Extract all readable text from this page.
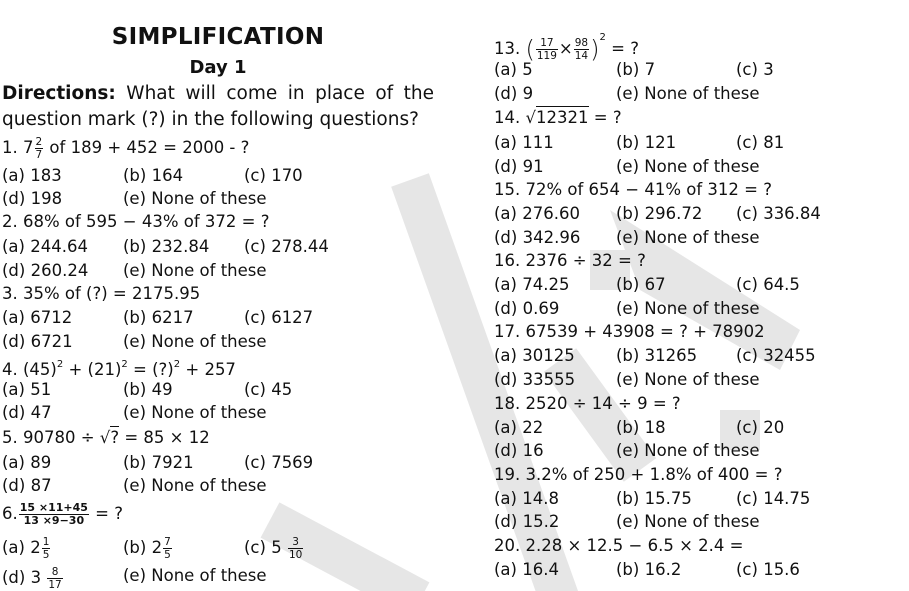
SIMPLIFICATION
Day 1
Directions: What will come in place of the question mark (?) in the following questions?
1. $7 \frac{2}{7}$ of 189 + 452 = 2000 - ?
(a) 183	(b) 164	(c) 170
(d) 198	(e) None of these
2. 68% of 595 − 43% of 372 = ?
(a) 244.64 (b) 232.84 (c) 278.44
(d) 260.24 (e) None of these
3. 35% of (?) = 2175.95
(a) 6712	(b) 6217	(c) 6127
(d) 6721	(e) None of these
4. $(45)^2 + (21)^2$ = (?)$^2$ + 257
(a) 51	(b) 49	(c) 45
(d) 47	(e) None of these
5. 90780 ÷ √? = 85 × 12
(a) 89	(b) 7921	(c) 7569
(d) 87	(e) None of these
6. $\frac{15 \times 11+45}{13 \times 9-30}$ = ?
(a) $2 \frac{1}{5}$	(b) $2 \frac{7}{5}$	(c) $5 \frac{3}{10}$
(d) $3 \frac{8}{17}$	(e) None of these
13. ( $\frac{17}{119} \times \frac{98}{14} )^2$ = ?
(a) 5	(b) 7	(c) 3
(d) 9	(e) None of these
14. √12321 = ?
(a) 111	(b) 121	(c) 81
(d) 91	(e) None of these
15. 72% of 654 − 41% of 312 = ?
(a) 276.60 (b) 296.72 (c) 336.84
(d) 342.96 (e) None of these
16. 2376 ÷ 32 = ?
(a) 74.25	(b) 67	(c) 64.5
(d) 0.69	(e) None of these
17. 67539 + 43908 = ? + 78902
(a) 30125	(b) 31265 (c) 32455
(d) 33555 (e) None of these
18. 2520 ÷ 14 ÷ 9 = ?
(a) 22	(b) 18	(c) 20
(d) 16	(e) None of these
19. 3.2% of 250 + 1.8% of 400 = ?
(a) 14.8	(b) 15.75	(c) 14.75
(d) 15.2	(e) None of these
20. 2.28 × 12.5 − 6.5 × 2.4 =
(a) 16.4	(b) 16.2	(c) 15.6
